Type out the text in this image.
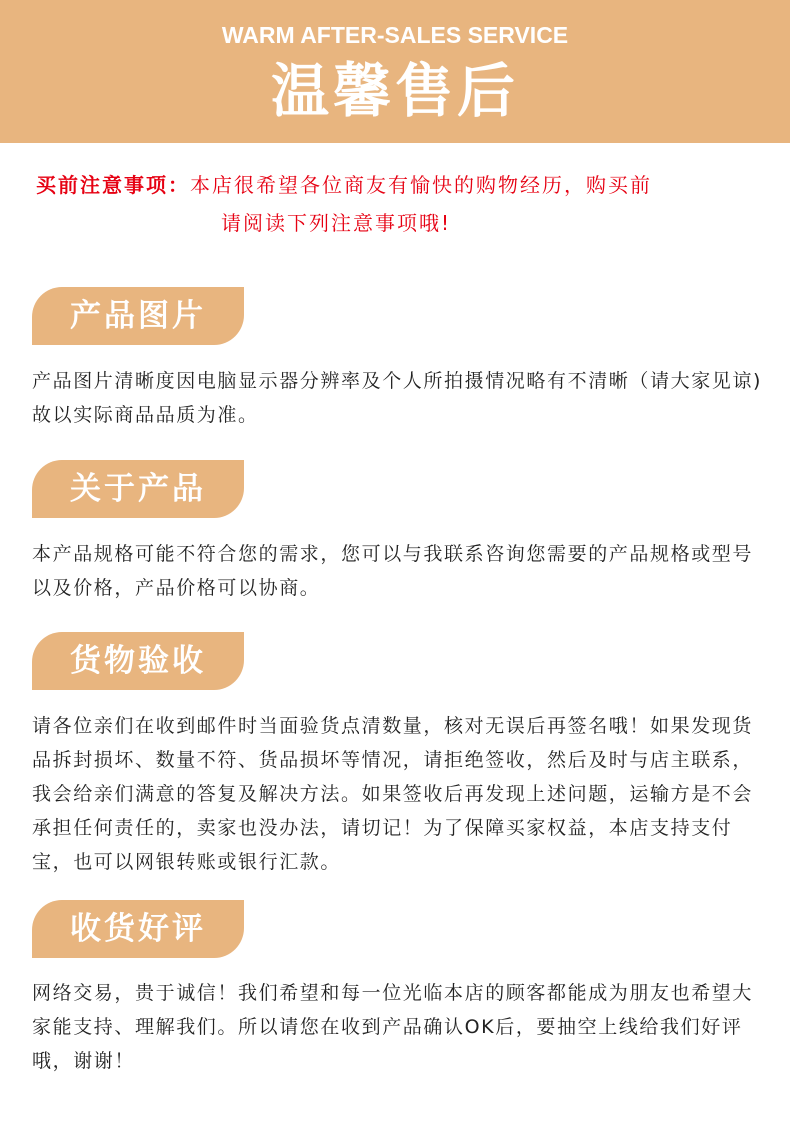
WARM AFTER-SALES SERVICE
温馨售后
买前注意事项：本店很希望各位商友有愉快的购物经历，购买前
请阅读下列注意事项哦!
产品图片
产品图片清晰度因电脑显示器分辨率及个人所拍摄情况略有不清晰（请大家见谅)故以实际商品品质为准。
关于产品
本产品规格可能不符合您的需求，您可以与我联系咨询您需要的产品规格或型号以及价格，产品价格可以协商。
货物验收
请各位亲们在收到邮件时当面验货点清数量，核对无误后再签名哦！如果发现货品拆封损坏、数量不符、货品损坏等情况，请拒绝签收，然后及时与店主联系，我会给亲们满意的答复及解决方法。如果签收后再发现上述问题，运输方是不会承担任何责任的，卖家也没办法，请切记！为了保障买家权益，本店支持支付宝，也可以网银转账或银行汇款。
收货好评
网络交易，贵于诚信！我们希望和每一位光临本店的顾客都能成为朋友也希望大家能支持、理解我们。所以请您在收到产品确认OK后，要抽空上线给我们好评哦，谢谢！
